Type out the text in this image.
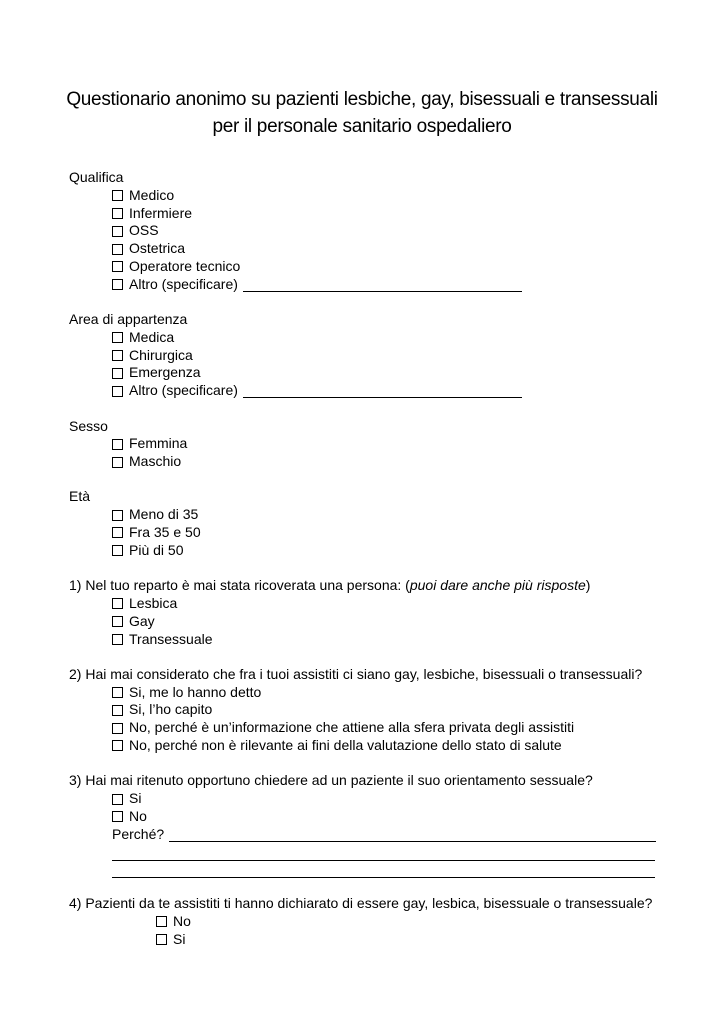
Questionario anonimo su pazienti lesbiche, gay, bisessuali e transessuali
per il personale sanitario ospedaliero
Qualifica
Medico
Infermiere
OSS
Ostetrica
Operatore tecnico
Altro (specificare)
Area di appartenza
Medica
Chirurgica
Emergenza
Altro (specificare)
Sesso
Femmina
Maschio
Età
Meno di 35
Fra 35 e 50
Più di 50
1) Nel tuo reparto è mai stata ricoverata una persona: (puoi dare anche più risposte)
Lesbica
Gay
Transessuale
2) Hai mai considerato che fra i tuoi assistiti ci siano gay, lesbiche, bisessuali o transessuali?
Si, me lo hanno detto
Si, l’ho capito
No, perché è un’informazione che attiene alla sfera privata degli assistiti
No, perché non è rilevante ai fini della valutazione dello stato di salute
3) Hai mai ritenuto opportuno chiedere ad un paziente il suo orientamento sessuale?
Si
No
Perché?
4) Pazienti da te assistiti ti hanno dichiarato di essere gay, lesbica, bisessuale o transessuale?
No
Si
